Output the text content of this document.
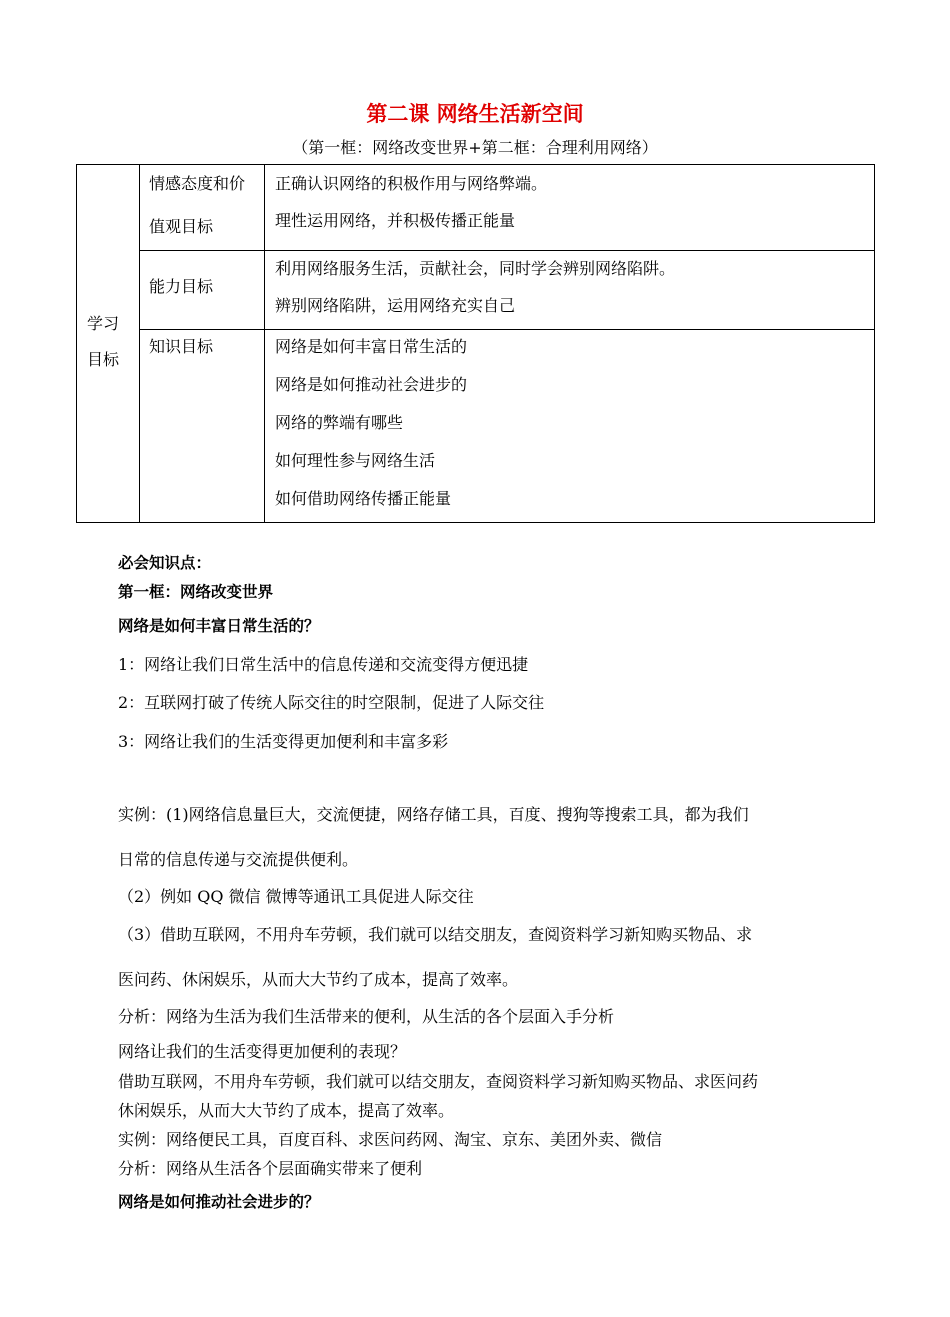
第二课 网络生活新空间
（第一框：网络改变世界+第二框：合理利用网络）
学习
目标
情感态度和价
值观目标
正确认识网络的积极作用与网络弊端。
理性运用网络，并积极传播正能量
能力目标
利用网络服务生活，贡献社会，同时学会辨别网络陷阱。
辨别网络陷阱，运用网络充实自己
知识目标	网络是如何丰富日常生活的
网络是如何推动社会进步的
网络的弊端有哪些
如何理性参与网络生活
如何借助网络传播正能量
必会知识点：
第一框：网络改变世界
网络是如何丰富日常生活的？
1：网络让我们日常生活中的信息传递和交流变得方便迅捷
2：互联网打破了传统人际交往的时空限制，促进了人际交往
3：网络让我们的生活变得更加便利和丰富多彩
实例：(1)网络信息量巨大，交流便捷，网络存储工具，百度、搜狗等搜索工具，都为我们
日常的信息传递与交流提供便利。
（2）例如 QQ 微信 微博等通讯工具促进人际交往
（3）借助互联网，不用舟车劳顿，我们就可以结交朋友，查阅资料学习新知购买物品、求
医问药、休闲娱乐，从而大大节约了成本，提高了效率。
分析：网络为生活为我们生活带来的便利，从生活的各个层面入手分析
网络让我们的生活变得更加便利的表现？
借助互联网，不用舟车劳顿，我们就可以结交朋友，查阅资料学习新知购买物品、求医问药
休闲娱乐，从而大大节约了成本，提高了效率。
实例：网络便民工具，百度百科、求医问药网、淘宝、京东、美团外卖、微信
分析：网络从生活各个层面确实带来了便利
网络是如何推动社会进步的？
